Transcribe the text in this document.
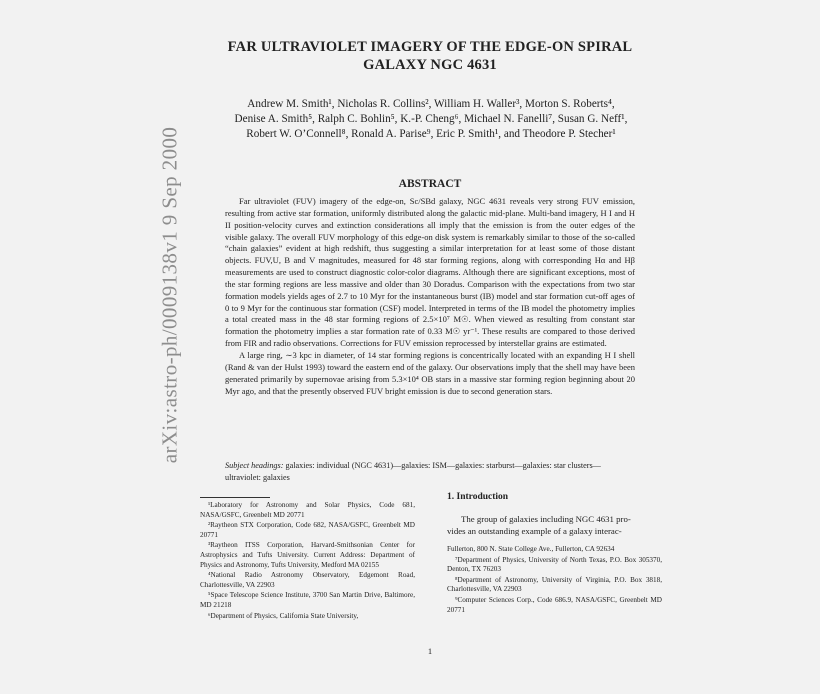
arXiv:astro-ph/0009138v1 9 Sep 2000
FAR ULTRAVIOLET IMAGERY OF THE EDGE-ON SPIRAL
GALAXY NGC 4631

Andrew M. Smith¹, Nicholas R. Collins², William H. Waller³, Morton S. Roberts⁴,

Denise A. Smith⁵, Ralph C. Bohlin⁵, K.-P. Cheng⁶, Michael N. Fanelli⁷, Susan G. Neff¹,

Robert W. O’Connell⁸, Ronald A. Parise⁹, Eric P. Smith¹, and Theodore P. Stecher¹

ABSTRACT

Far ultraviolet (FUV) imagery of the edge-on, Sc/SBd galaxy, NGC 4631 reveals very strong FUV emission, resulting from active star formation, uniformly distributed along the galactic mid-plane. Multi-band imagery, H I and H II position-velocity curves and extinction considerations all imply that the emission is from the outer edges of the visible galaxy. The overall FUV morphology of this edge-on disk system is remarkably similar to those of the so-called “chain galaxies” evident at high redshift, thus suggesting a similar interpretation for at least some of those distant objects. FUV,U, B and V magnitudes, measured for 48 star forming regions, along with corresponding Hα and Hβ measurements are used to construct diagnostic color-color diagrams. Although there are significant exceptions, most of the star forming regions are less massive and older than 30 Doradus. Comparison with the expectations from two star formation models yields ages of 2.7 to 10 Myr for the instantaneous burst (IB) model and star formation cut-off ages of 0 to 9 Myr for the continuous star formation (CSF) model. Interpreted in terms of the IB model the photometry implies a total created mass in the 48 star forming regions of 2.5×10⁷ M☉. When viewed as resulting from constant star formation the photometry implies a star formation rate of 0.33 M☉ yr⁻¹. These results are compared to those derived from FIR and radio observations. Corrections for FUV emission reprocessed by interstellar grains are estimated.

A large ring, ∼3 kpc in diameter, of 14 star forming regions is concentrically located with an expanding H I shell (Rand & van der Hulst 1993) toward the eastern end of the galaxy. Our observations imply that the shell may have been generated primarily by supernovae arising from 5.3×10⁴ OB stars in a massive star forming region beginning about 20 Myr ago, and that the presently observed FUV bright emission is due to second generation stars.

Subject headings: galaxies: individual (NGC 4631)—galaxies: ISM—galaxies: starburst—galaxies: star clusters—ultraviolet: galaxies

¹Laboratory for Astronomy and Solar Physics, Code 681, NASA/GSFC, Greenbelt MD 20771

²Raytheon STX Corporation, Code 682, NASA/GSFC, Greenbelt MD 20771

³Raytheon ITSS Corporation, Harvard-Smithsonian Center for Astrophysics and Tufts University. Current Address: Department of Physics and Astronomy, Tufts University, Medford MA 02155

⁴National Radio Astronomy Observatory, Edgemont Road, Charlottesville, VA 22903

⁵Space Telescope Science Institute, 3700 San Martin Drive, Baltimore, MD 21218

⁶Department of Physics, California State University,

1. Introduction

The group of galaxies including NGC 4631 pro-

vides an outstanding example of a galaxy interac-

Fullerton, 800 N. State College Ave., Fullerton, CA 92634

⁷Department of Physics, University of North Texas, P.O. Box 305370, Denton, TX 76203

⁸Department of Astronomy, University of Virginia, P.O. Box 3818, Charlottesville, VA 22903

⁹Computer Sciences Corp., Code 686.9, NASA/GSFC, Greenbelt MD 20771

1
